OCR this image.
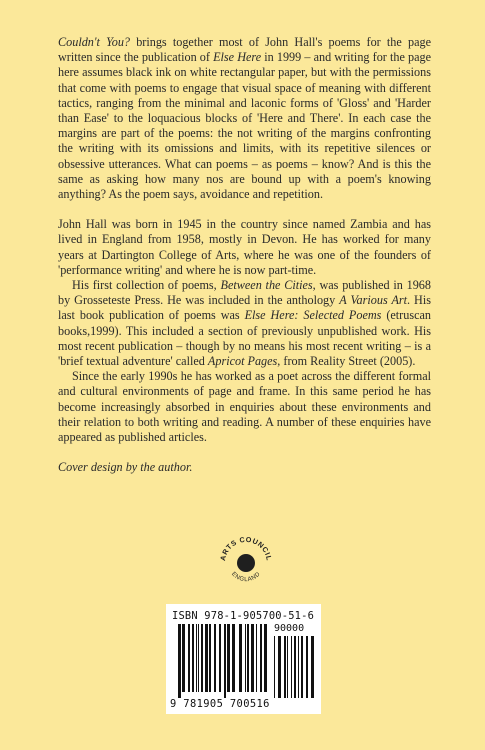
Couldn't You? brings together most of John Hall's poems for the page written since the publication of Else Here in 1999 – and writing for the page here assumes black ink on white rectangular paper, but with the permissions that come with poems to engage that visual space of meaning with different tactics, ranging from the minimal and laconic forms of 'Gloss' and 'Harder than Ease' to the loquacious blocks of 'Here and There'. In each case the margins are part of the poems: the not writing of the margins confronting the writing with its omissions and limits, with its repetitive silences or obsessive utterances. What can poems – as poems – know? And is this the same as asking how many nos are bound up with a poem's knowing anything? As the poem says, avoidance and repetition.

John Hall was born in 1945 in the country since named Zambia and has lived in England from 1958, mostly in Devon. He has worked for many years at Dartington College of Arts, where he was one of the founders of 'performance writing' and where he is now part-time.

His first collection of poems, Between the Cities, was published in 1968 by Grosseteste Press. He was included in the anthology A Various Art. His last book publication of poems was Else Here: Selected Poems (etruscan books,1999). This included a section of previously unpublished work. His most recent publication – though by no means his most recent writing – is a 'brief textual adventure' called Apricot Pages, from Reality Street (2005).

Since the early 1990s he has worked as a poet across the different formal and cultural environments of page and frame. In this same period he has become increasingly absorbed in enquiries about these environments and their relation to both writing and reading. A number of these enquiries have appeared as published articles.

Cover design by the author.

ARTS COUNCIL
ENGLAND
ISBN 978-1-905700-51-6
90000
9 781905 700516
